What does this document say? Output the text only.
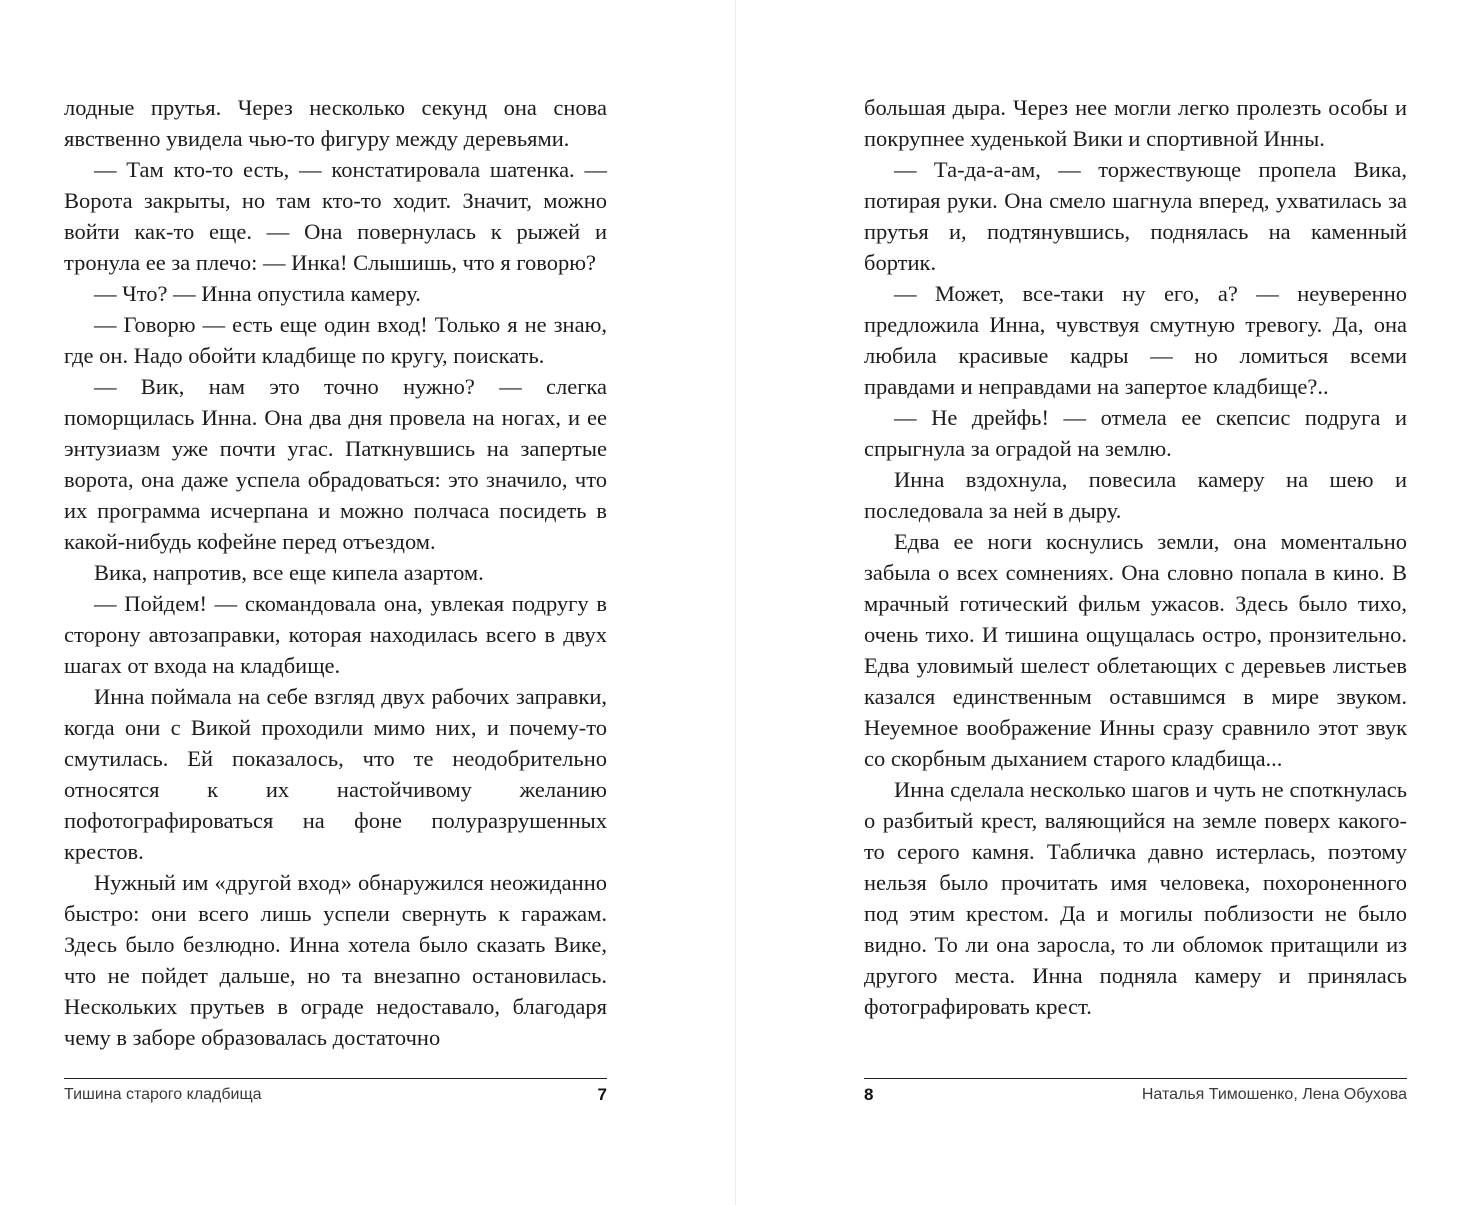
лодные прутья. Через несколько секунд она снова явственно увидела чью-то фигуру между деревьями.

— Там кто-то есть, — констатировала шатенка. — Ворота закрыты, но там кто-то ходит. Значит, можно войти как-то еще. — Она повернулась к рыжей и тронула ее за плечо: — Инка! Слышишь, что я говорю?

— Что? — Инна опустила камеру.

— Говорю — есть еще один вход! Только я не знаю, где он. Надо обойти кладбище по кругу, поискать.

— Вик, нам это точно нужно? — слегка поморщилась Инна. Она два дня провела на ногах, и ее энтузиазм уже почти угас. Паткнувшись на запертые ворота, она даже успела обрадоваться: это значило, что их программа исчерпана и можно полчаса посидеть в какой-нибудь кофейне перед отъездом.

Вика, напротив, все еще кипела азартом.

— Пойдем! — скомандовала она, увлекая подругу в сторону автозаправки, которая находилась всего в двух шагах от входа на кладбище.

Инна поймала на себе взгляд двух рабочих заправки, когда они с Викой проходили мимо них, и почему-то смутилась. Ей показалось, что те неодобрительно относятся к их настойчивому желанию пофотографироваться на фоне полуразрушенных крестов.

Нужный им «другой вход» обнаружился неожиданно быстро: они всего лишь успели свернуть к гаражам. Здесь было безлюдно. Инна хотела было сказать Вике, что не пойдет дальше, но та внезапно остановилась. Нескольких прутьев в ограде недоставало, благодаря чему в заборе образовалась достаточно

большая дыра. Через нее могли легко пролезть особы и покрупнее худенькой Вики и спортивной Инны.

— Та-да-а-ам, — торжествующе пропела Вика, потирая руки. Она смело шагнула вперед, ухватилась за прутья и, подтянувшись, поднялась на каменный бортик.

— Может, все-таки ну его, а? — неуверенно предложила Инна, чувствуя смутную тревогу. Да, она любила красивые кадры — но ломиться всеми правдами и неправдами на запертое кладбище?..

— Не дрейфь! — отмела ее скепсис подруга и спрыгнула за оградой на землю.

Инна вздохнула, повесила камеру на шею и последовала за ней в дыру.

Едва ее ноги коснулись земли, она моментально забыла о всех сомнениях. Она словно попала в кино. В мрачный готический фильм ужасов. Здесь было тихо, очень тихо. И тишина ощущалась остро, пронзительно. Едва уловимый шелест облетающих с деревьев листьев казался единственным оставшимся в мире звуком. Неуемное воображение Инны сразу сравнило этот звук со скорбным дыханием старого кладбища...

Инна сделала несколько шагов и чуть не споткнулась о разбитый крест, валяющийся на земле поверх какого-то серого камня. Табличка давно истерлась, поэтому нельзя было прочитать имя человека, похороненного под этим крестом. Да и могилы поблизости не было видно. То ли она заросла, то ли обломок притащили из другого места. Инна подняла камеру и принялась фотографировать крест.

Тишина старого кладбища	7	8	Наталья Тимошенко, Лена Обухова
